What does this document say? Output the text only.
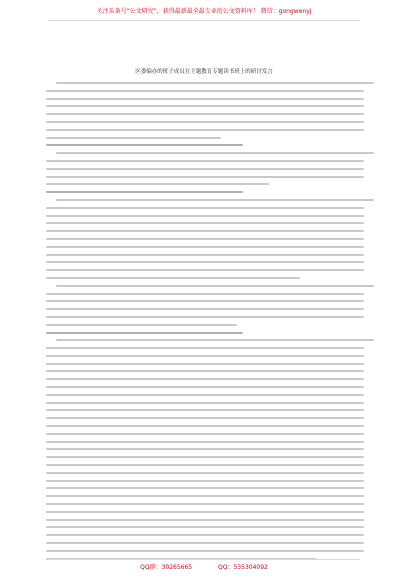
关注头条号“公文研究”，获得最新最全最专业的公文资料库！ 微信：gongwenyj
区委编办的班子成员在主题教育专题读书班上的研讨发言
QQ群：30265665	QQ：535304092
